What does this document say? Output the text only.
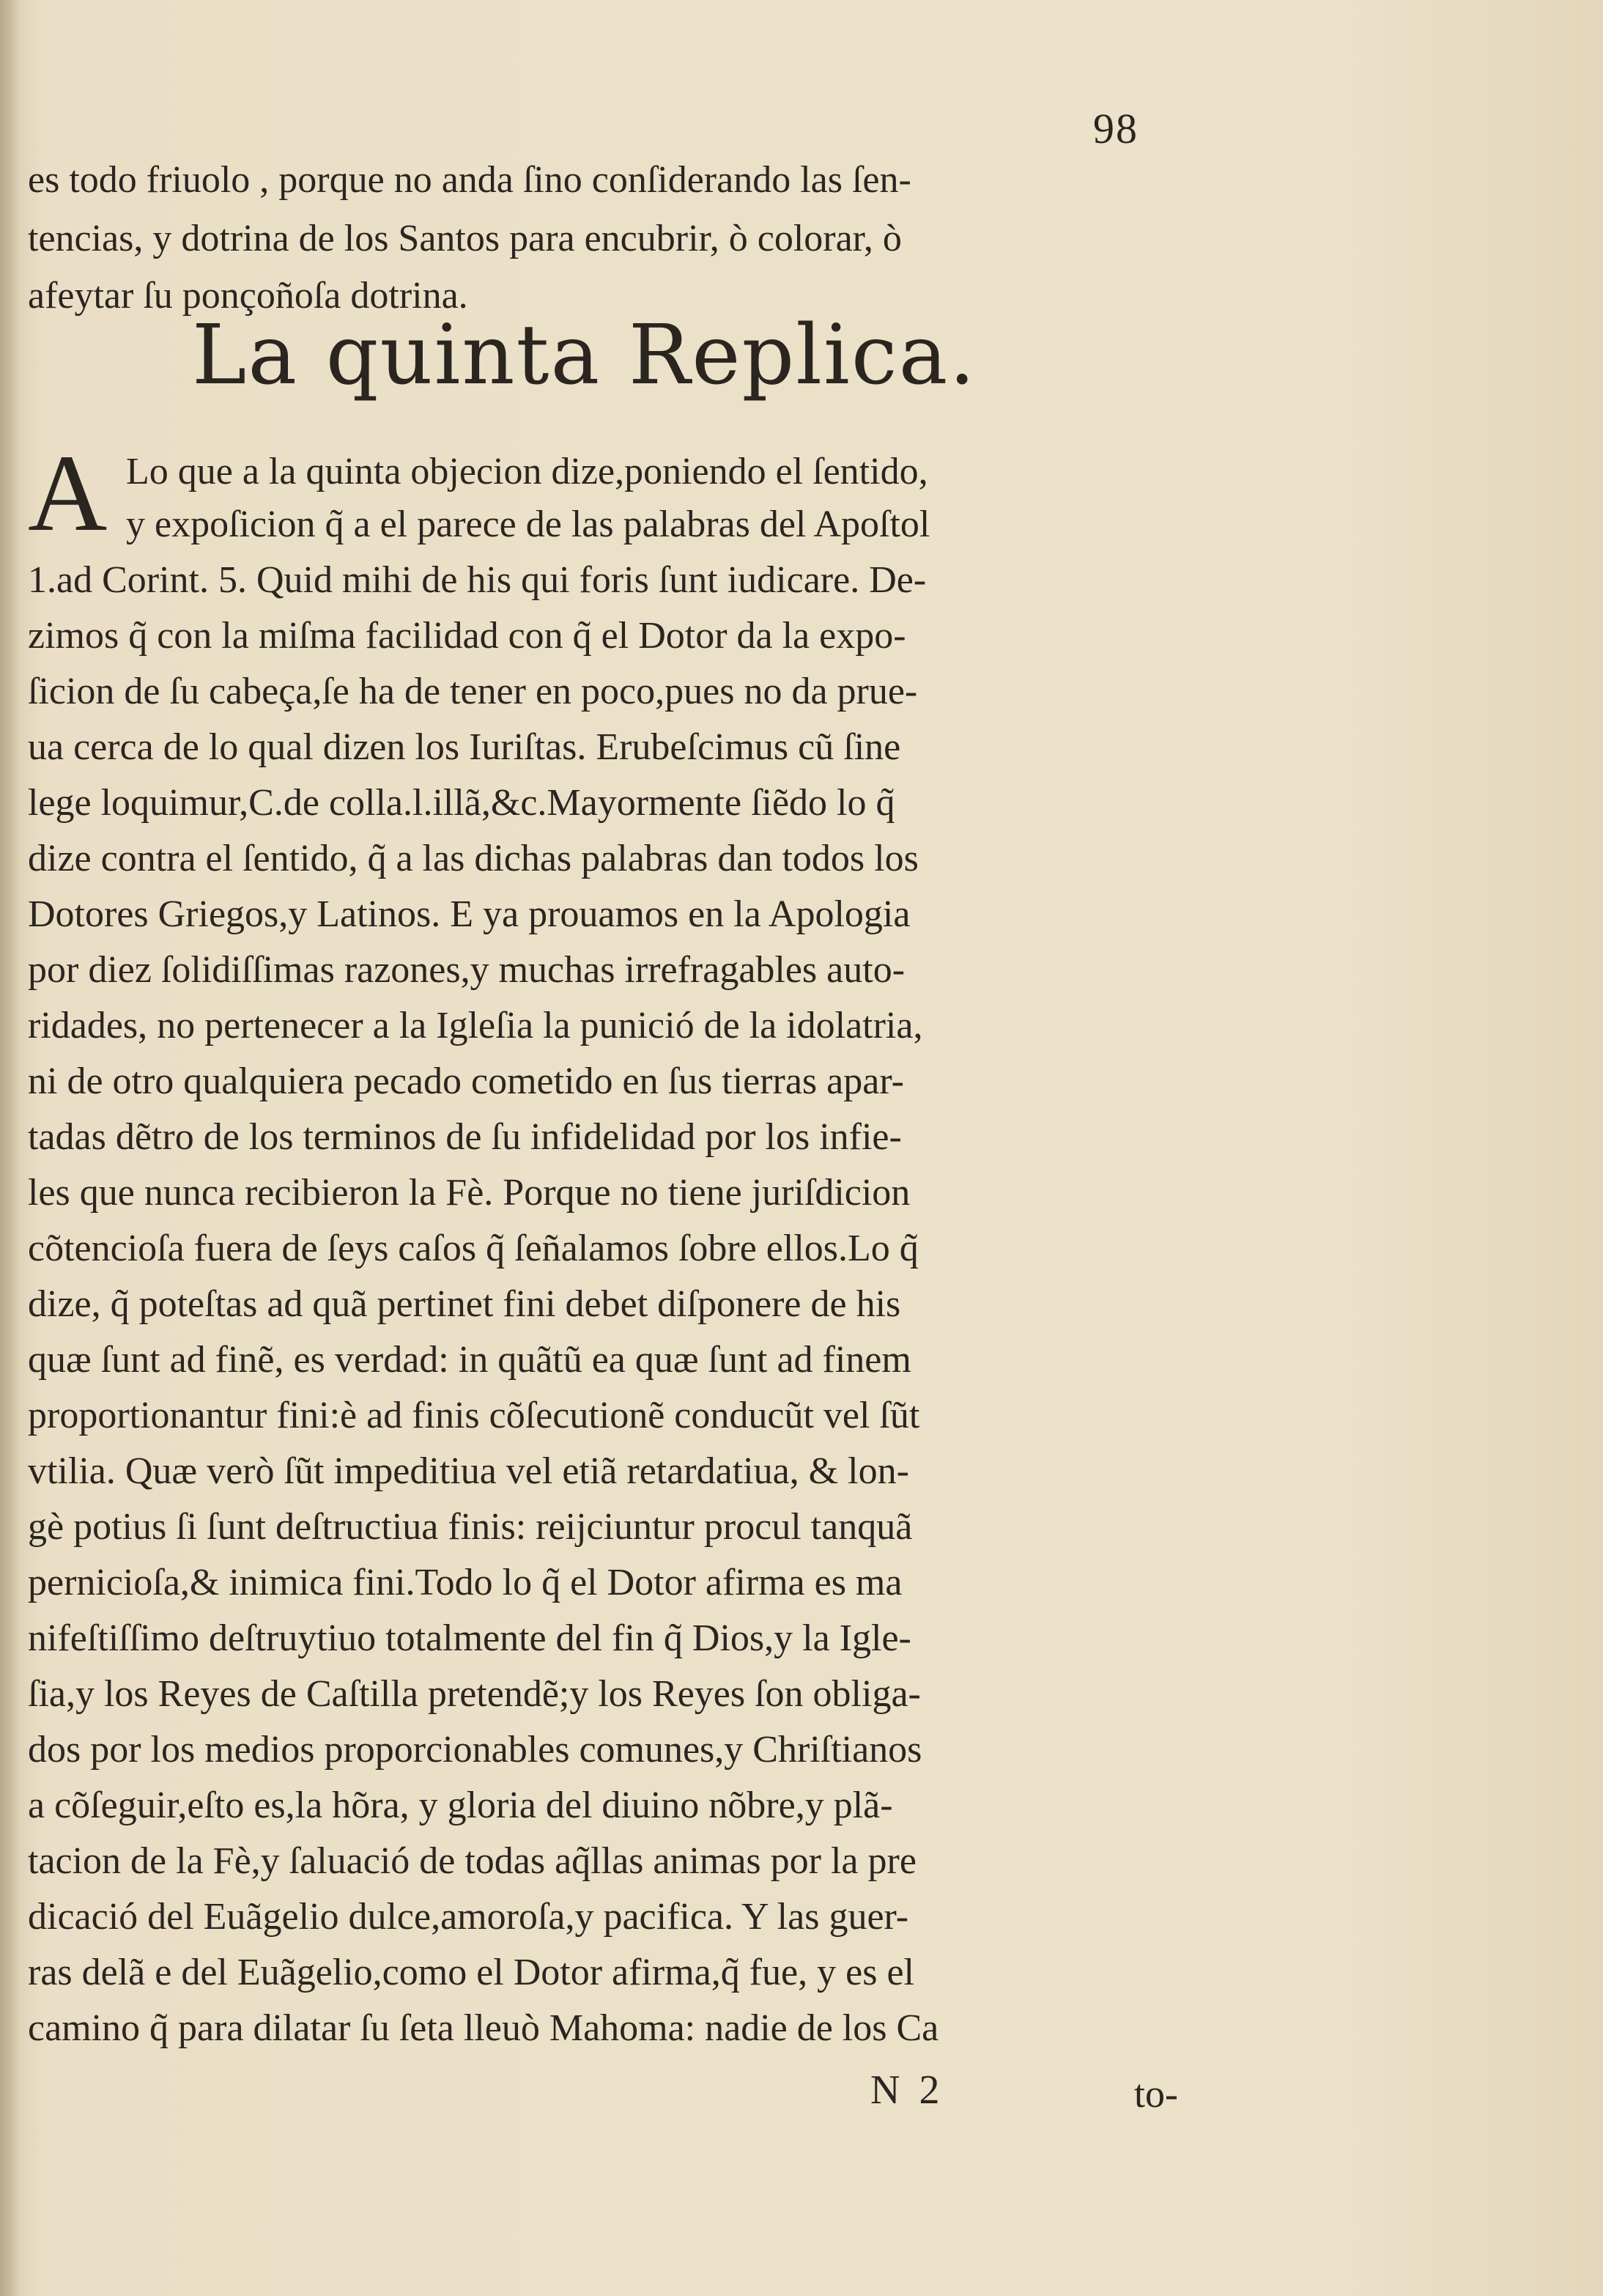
98
es todo friuolo , porque no anda ſino conſiderando las ſen-
tencias, y dotrina de los Santos para encubrir, ò colorar, ò
afeytar ſu ponçoñoſa dotrina.
La quinta Replica.
A Lo que a la quinta objecion dize,poniendo el ſentido,
y expoſicion q̃ a el parece de las palabras del Apoſtol
1.ad Corint. 5. Quid mihi de his qui foris ſunt iudicare. De-
zimos q̃ con la miſma facilidad con q̃ el Dotor da la expo-
ſicion de ſu cabeça,ſe ha de tener en poco,pues no da prue-
ua cerca de lo qual dizen los Iuriſtas. Erubeſcimus cũ ſine
lege loquimur,C.de colla.l.illã,&c.Mayormente ſiẽdo lo q̃
dize contra el ſentido, q̃ a las dichas palabras dan todos los
Dotores Griegos,y Latinos. E ya prouamos en la Apologia
por diez ſolidiſſimas razones,y muchas irrefragables auto-
ridades, no pertenecer a la Igleſia la punició de la idolatria,
ni de otro qualquiera pecado cometido en ſus tierras apar-
tadas dẽtro de los terminos de ſu infidelidad por los infie-
les que nunca recibieron la Fè. Porque no tiene juriſdicion
cõtencioſa fuera de ſeys caſos q̃ ſeñalamos ſobre ellos.Lo q̃
dize, q̃ poteſtas ad quã pertinet fini debet diſponere de his
quæ ſunt ad finẽ, es verdad: in quãtũ ea quæ ſunt ad finem
proportionantur fini:è ad finis cõſecutionẽ conducũt vel ſũt
vtilia. Quæ verò ſũt impeditiua vel etiã retardatiua, & lon-
gè potius ſi ſunt deſtructiua finis: reijciuntur procul tanquã
pernicioſa,& inimica fini.Todo lo q̃ el Dotor afirma es ma
nifeſtiſſimo deſtruytiuo totalmente del fin q̃ Dios,y la Igle-
ſia,y los Reyes de Caſtilla pretendẽ;y los Reyes ſon obliga-
dos por los medios proporcionables comunes,y Chriſtianos
a cõſeguir,eſto es,la hõra, y gloria del diuino nõbre,y plã-
tacion de la Fè,y ſaluació de todas aq̃llas animas por la pre
dicació del Euãgelio dulce,amoroſa,y pacifica. Y las guer-
ras delã e del Euãgelio,como el Dotor afirma,q̃ fue, y es el
camino q̃ para dilatar ſu ſeta lleuò Mahoma: nadie de los Ca
N 2	to-
